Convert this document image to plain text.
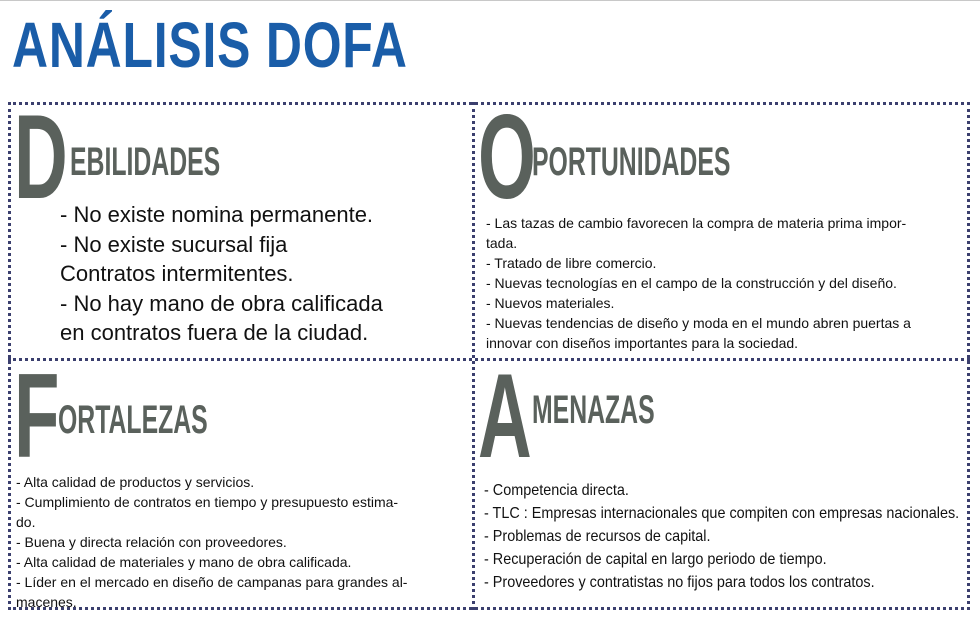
ANÁLISIS DOFA
D EBILIDADES
- No existe nomina permanente.
- No existe sucursal fija
Contratos intermitentes.
- No hay mano de obra calificada
en contratos fuera de la ciudad.
O
PORTUNIDADES
- Las tazas de cambio favorecen la compra de materia prima impor-
tada.
- Tratado de libre comercio.
- Nuevas tecnologías en el campo de la construcción y del diseño.
- Nuevos materiales.
- Nuevas tendencias de diseño y moda en el mundo abren puertas a
innovar con diseños importantes para la sociedad.
F
ORTALEZAS
- Alta calidad de productos y servicios.
- Cumplimiento de contratos en tiempo y presupuesto estima-
do.
- Buena y directa relación con proveedores.
- Alta calidad de materiales y mano de obra calificada.
- Líder en el mercado en diseño de campanas para grandes al-
macenes.
A MENAZAS
- Competencia directa.
- TLC : Empresas internacionales que compiten con empresas nacionales.
- Problemas de recursos de capital.
- Recuperación de capital en largo periodo de tiempo.
- Proveedores y contratistas no fijos para todos los contratos.
